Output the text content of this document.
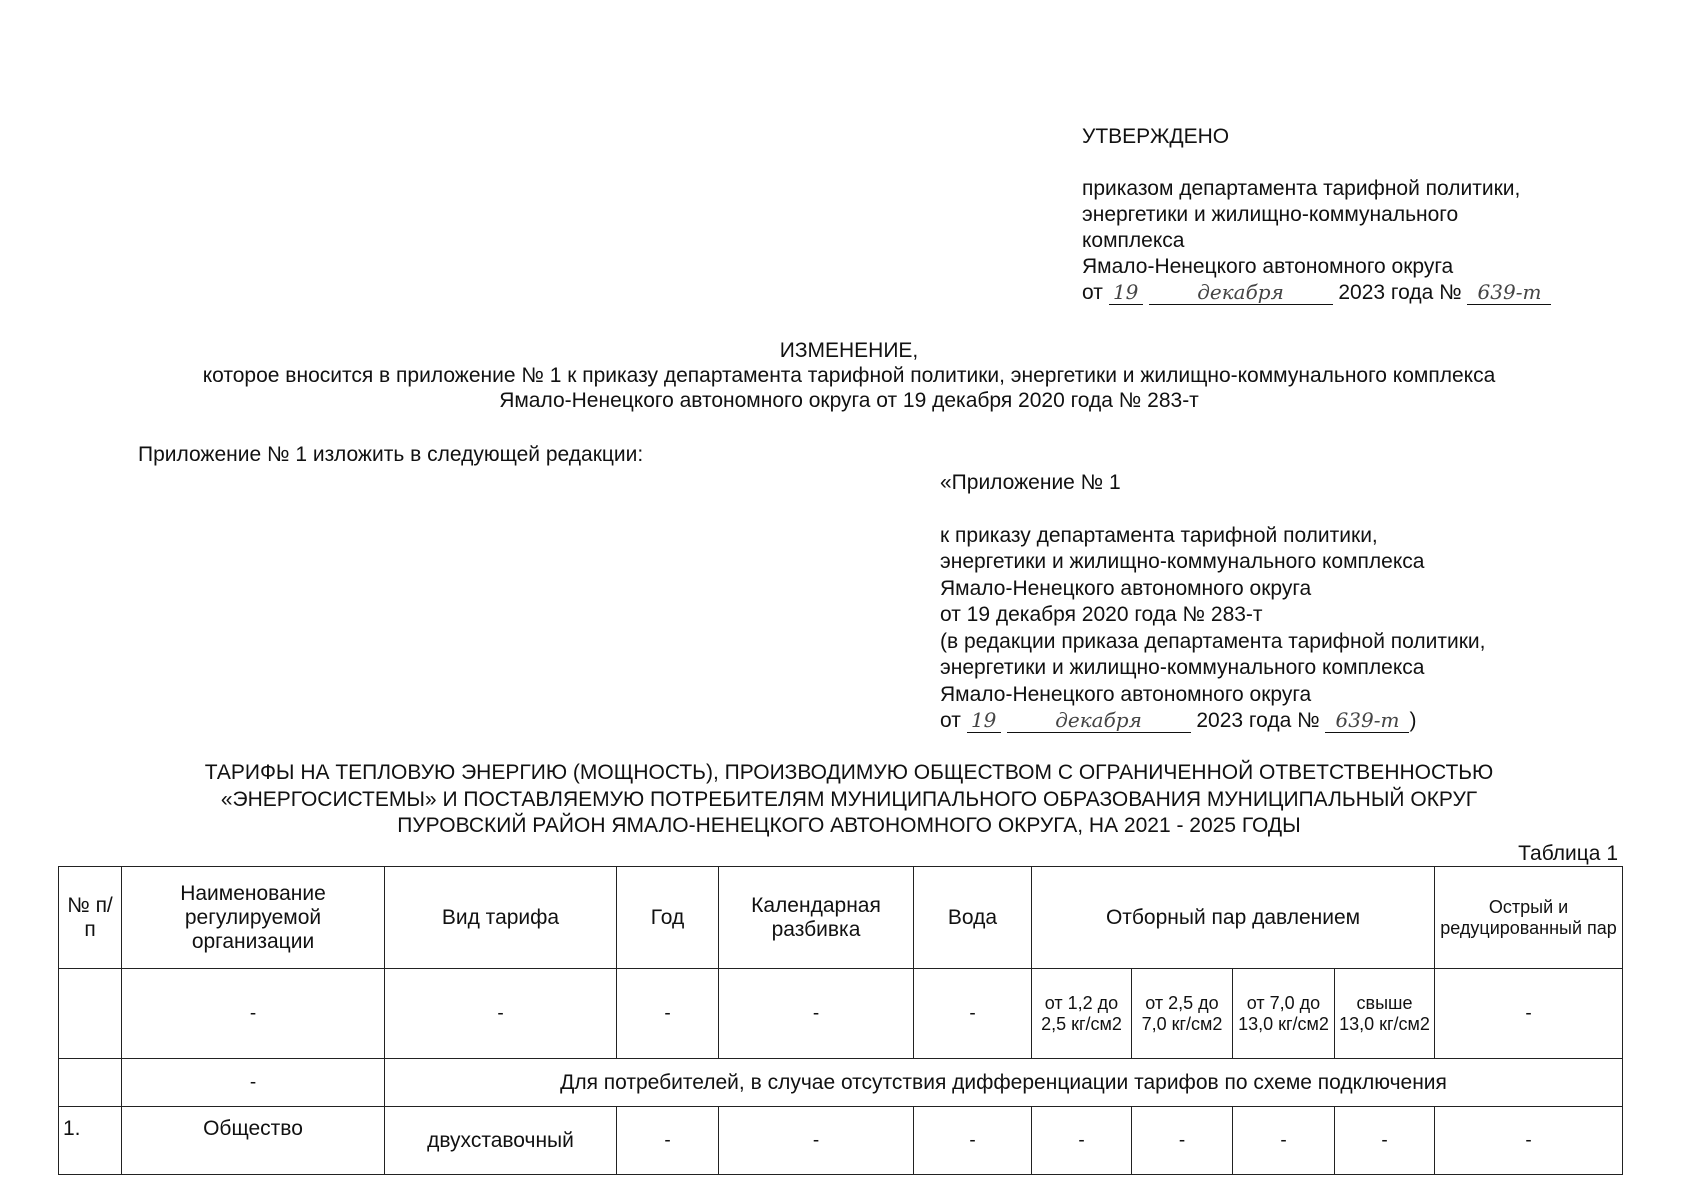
УТВЕРЖДЕНО
приказом департамента тарифной политики,
энергетики и жилищно-коммунального
комплекса
Ямало-Ненецкого автономного округа
от 19	декабря	2023 года № 639-т
ИЗМЕНЕНИЕ,
которое вносится в приложение № 1 к приказу департамента тарифной политики, энергетики и жилищно-коммунального комплекса
Ямало-Ненецкого автономного округа от 19 декабря 2020 года № 283-т
Приложение № 1 изложить в следующей редакции:
«Приложение № 1
к приказу департамента тарифной политики,
энергетики и жилищно-коммунального комплекса
Ямало-Ненецкого автономного округа
от 19 декабря 2020 года № 283-т
(в редакции приказа департамента тарифной политики,
энергетики и жилищно-коммунального комплекса
Ямало-Ненецкого автономного округа
от 19	декабря	2023 года № 639-т )
ТАРИФЫ НА ТЕПЛОВУЮ ЭНЕРГИЮ (МОЩНОСТЬ), ПРОИЗВОДИМУЮ ОБЩЕСТВОМ С ОГРАНИЧЕННОЙ ОТВЕТСТВЕННОСТЬЮ
«ЭНЕРГОСИСТЕМЫ» И ПОСТАВЛЯЕМУЮ ПОТРЕБИТЕЛЯМ МУНИЦИПАЛЬНОГО ОБРАЗОВАНИЯ МУНИЦИПАЛЬНЫЙ ОКРУГ
ПУРОВСКИЙ РАЙОН ЯМАЛО-НЕНЕЦКОГО АВТОНОМНОГО ОКРУГА, НА 2021 - 2025 ГОДЫ
Таблица 1
№ п/п	Наименование регулируемой организации	Вид тарифа	Год	Календарная разбивка	Вода	Отборный пар давлением				Острый и редуцированный пар
	-	-	-	-	-	от 1,2 до 2,5 кг/см2	от 2,5 до 7,0 кг/см2	от 7,0 до 13,0 кг/см2	свыше 13,0 кг/см2	-
	-	Для потребителей, в случае отсутствия дифференциации тарифов по схеме подключения								
1.	Общество	двухставочный	-	-	-	-	-	-	-	-
